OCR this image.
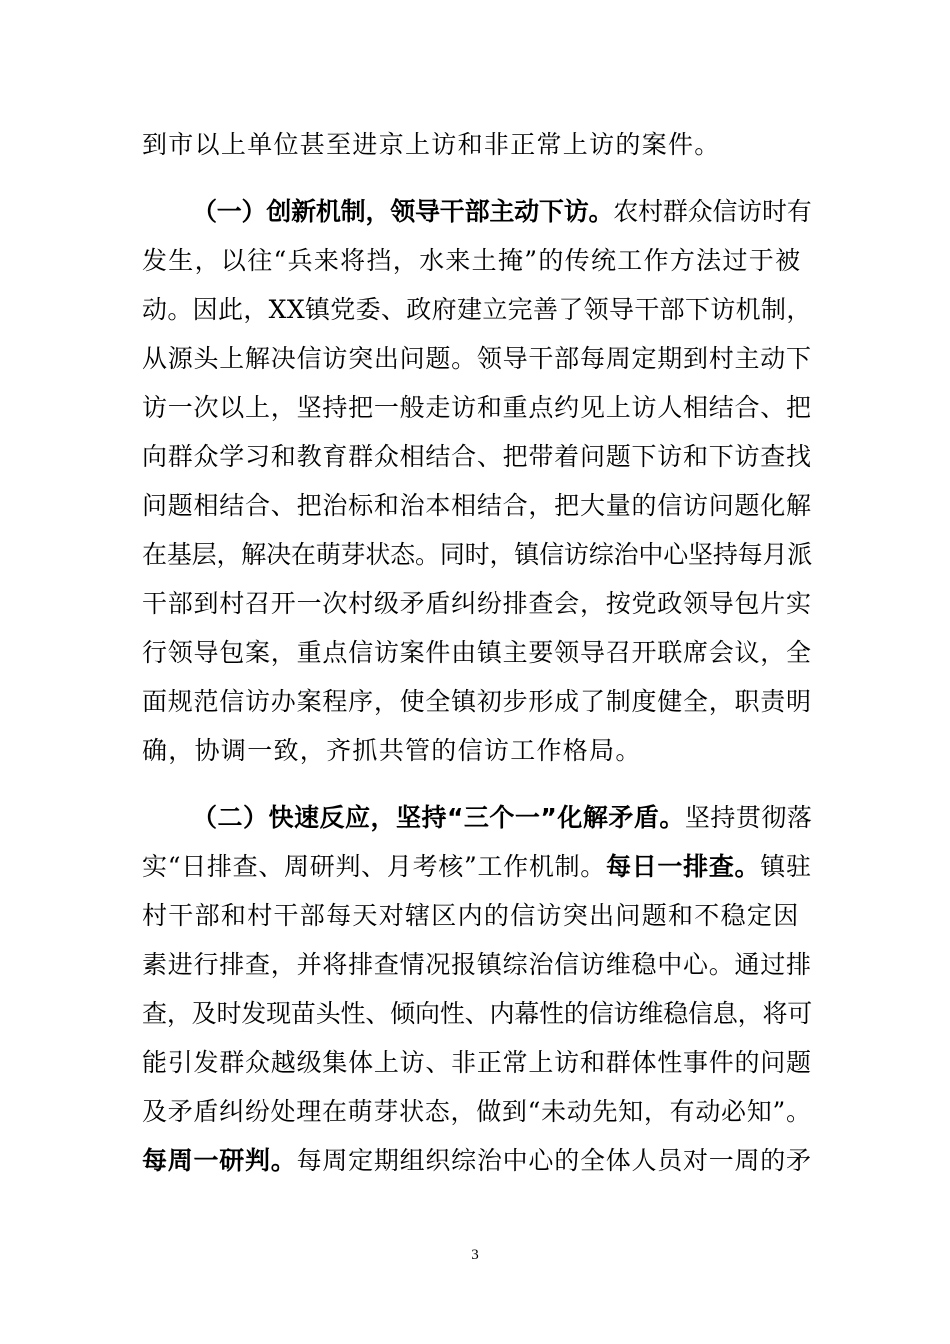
到市以上单位甚至进京上访和非正常上访的案件。
（一）创新机制，领导干部主动下访。农村群众信访时有
发生，以往“兵来将挡，水来土掩”的传统工作方法过于被
动。因此，XX镇党委、政府建立完善了领导干部下访机制，
从源头上解决信访突出问题。领导干部每周定期到村主动下
访一次以上，坚持把一般走访和重点约见上访人相结合、把
向群众学习和教育群众相结合、把带着问题下访和下访查找
问题相结合、把治标和治本相结合，把大量的信访问题化解
在基层，解决在萌芽状态。同时，镇信访综治中心坚持每月派
干部到村召开一次村级矛盾纠纷排查会，按党政领导包片实
行领导包案，重点信访案件由镇主要领导召开联席会议，全
面规范信访办案程序，使全镇初步形成了制度健全，职责明
确，协调一致，齐抓共管的信访工作格局。
（二）快速反应，坚持“三个一”化解矛盾。坚持贯彻落
实“日排查、周研判、月考核”工作机制。每日一排查。镇驻
村干部和村干部每天对辖区内的信访突出问题和不稳定因
素进行排查，并将排查情况报镇综治信访维稳中心。通过排
查，及时发现苗头性、倾向性、内幕性的信访维稳信息，将可
能引发群众越级集体上访、非正常上访和群体性事件的问题
及矛盾纠纷处理在萌芽状态，做到“未动先知，有动必知”。
每周一研判。每周定期组织综治中心的全体人员对一周的矛
3
